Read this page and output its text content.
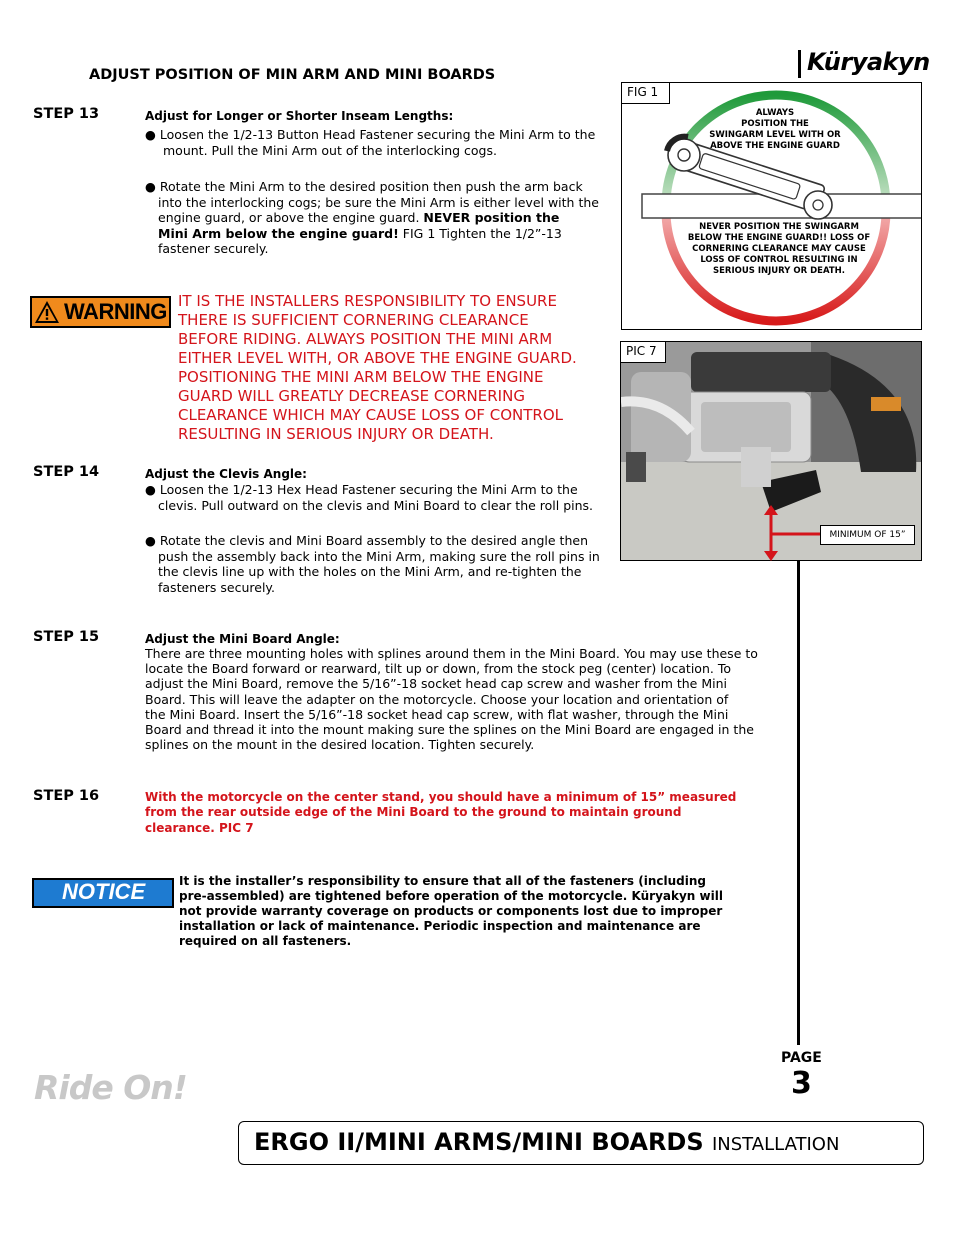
Küryakyn
ADJUST POSITION OF MIN ARM AND MINI BOARDS
STEP 13	Adjust for Longer or Shorter Inseam Lengths:
● Loosen the 1/2-13 Button Head Fastener securing the Mini Arm to the
mount. Pull the Mini Arm out of the interlocking cogs.
● Rotate the Mini Arm to the desired position then push the arm back
into the interlocking cogs; be sure the Mini Arm is either level with the
engine guard, or above the engine guard. NEVER position the
Mini Arm below the engine guard! FIG 1 Tighten the 1/2”-13
fastener securely.
WARNING IT IS THE INSTALLERS RESPONSIBILITY TO ENSURE
THERE IS SUFFICIENT CORNERING CLEARANCE
BEFORE RIDING. ALWAYS POSITION THE MINI ARM
EITHER LEVEL WITH, OR ABOVE THE ENGINE GUARD.
POSITIONING THE MINI ARM BELOW THE ENGINE
GUARD WILL GREATLY DECREASE CORNERING
CLEARANCE WHICH MAY CAUSE LOSS OF CONTROL
RESULTING IN SERIOUS INJURY OR DEATH.
STEP 14	Adjust the Clevis Angle:
● Loosen the 1/2-13 Hex Head Fastener securing the Mini Arm to the
clevis. Pull outward on the clevis and Mini Board to clear the roll pins.
● Rotate the clevis and Mini Board assembly to the desired angle then
push the assembly back into the Mini Arm, making sure the roll pins in
the clevis line up with the holes on the Mini Arm, and re-tighten the
fasteners securely.
STEP 15	Adjust the Mini Board Angle:
There are three mounting holes with splines around them in the Mini Board. You may use these to
locate the Board forward or rearward, tilt up or down, from the stock peg (center) location. To
adjust the Mini Board, remove the 5/16”-18 socket head cap screw and washer from the Mini
Board. This will leave the adapter on the motorcycle. Choose your location and orientation of
the Mini Board. Insert the 5/16”-18 socket head cap screw, with flat washer, through the Mini
Board and thread it into the mount making sure the splines on the Mini Board are engaged in the
splines on the mount in the desired location. Tighten securely.
STEP 16	With the motorcycle on the center stand, you should have a minimum of 15” measured
from the rear outside edge of the Mini Board to the ground to maintain ground
clearance. PIC 7
NOTICE	It is the installer’s responsibility to ensure that all of the fasteners (including
pre-assembled) are tightened before operation of the motorcycle. Küryakyn will
not provide warranty coverage on products or components lost due to improper
installation or lack of maintenance. Periodic inspection and maintenance are
required on all fasteners.
ALWAYS
POSITION THE
SWINGARM LEVEL WITH OR
ABOVE THE ENGINE GUARD
NEVER POSITION THE SWINGARM
BELOW THE ENGINE GUARD!! LOSS OF
CORNERING CLEARANCE MAY CAUSE
LOSS OF CONTROL RESULTING IN
SERIOUS INJURY OR DEATH.
FIG 1
PIC 7
MINIMUM OF 15”
Ride On!
PAGE
3
ERGO II/MINI ARMS/MINI BOARDS INSTALLATION
